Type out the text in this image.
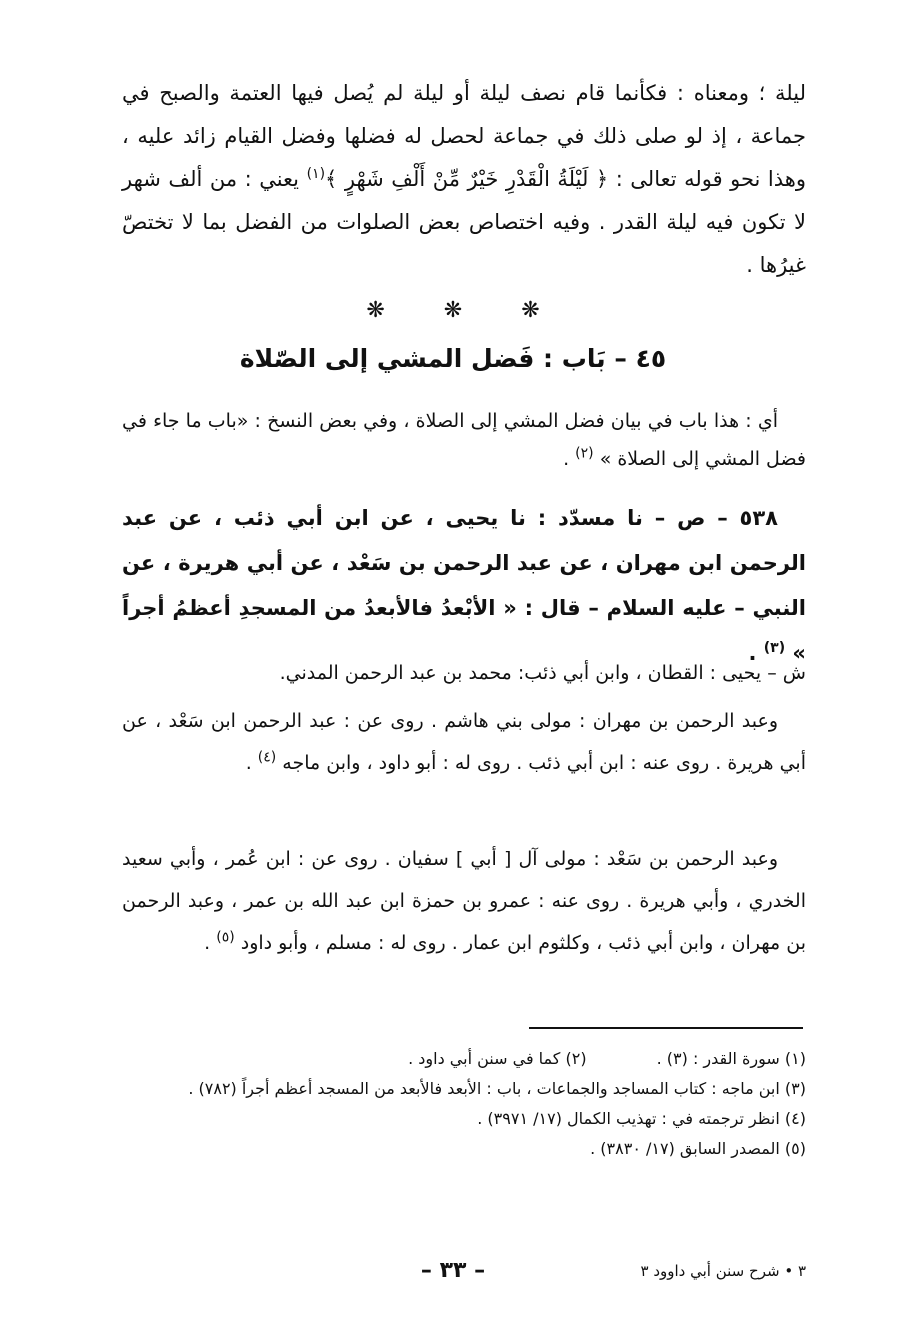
ليلة ؛ ومعناه : فكأنما قام نصف ليلة أو ليلة لم يُصل فيها العتمة والصبح في جماعة ، إذ لو صلى ذلك في جماعة لحصل له فضلها وفضل القيام زائد عليه ، وهذا نحو قوله تعالى : ﴿ لَيْلَةُ الْقَدْرِ خَيْرٌ مِّنْ أَلْفِ شَهْرٍ ﴾$^{(١)}$ يعني : من ألف شهر لا تكون فيه ليلة القدر . وفيه اختصاص بعض الصلوات من الفضل بما لا تختصّ غيرُها .

❋	❋	❋
٤٥ – بَاب : فَضل المشي إلى الصّلاة

أي : هذا باب في بيان فضل المشي إلى الصلاة ، وفي بعض النسخ : «باب ما جاء في فضل المشي إلى الصلاة » $^{(٢)}$ .

٥٣٨ – ص – نا مسدّد : نا يحيى ، عن ابن أبي ذئب ، عن عبد الرحمن ابن مهران ، عن عبد الرحمن بن سَعْد ، عن أبي هريرة ، عن النبي – عليه السلام – قال : « الأبْعدُ فالأبعدُ من المسجدِ أعظمُ أجراً » $^{(٣)}$ .

ش – يحيى : القطان ، وابن أبي ذئب: محمد بن عبد الرحمن المدني.

وعبد الرحمن بن مهران : مولى بني هاشم . روى عن : عبد الرحمن ابن سَعْد ، عن أبي هريرة . روى عنه : ابن أبي ذئب . روى له : أبو داود ، وابن ماجه $^{(٤)}$ .

وعبد الرحمن بن سَعْد : مولى آل [ أبي ] سفيان . روى عن : ابن عُمر ، وأبي سعيد الخدري ، وأبي هريرة . روى عنه : عمرو بن حمزة ابن عبد الله بن عمر ، وعبد الرحمن بن مهران ، وابن أبي ذئب ، وكلثوم ابن عمار . روى له : مسلم ، وأبو داود $^{(٥)}$ .

(١) سورة القدر : (٣) .
(٢) كما في سنن أبي داود .

(٣) ابن ماجه : كتاب المساجد والجماعات ، باب : الأبعد فالأبعد من المسجد أعظم أجراً (٧٨٢) .

(٤) انظر ترجمته في : تهذيب الكمال (١٧/ ٣٩٧١) .

(٥) المصدر السابق (١٧/ ٣٨٣٠) .

٣ • شرح سنن أبي داوود ٣
– ٣٣ –
